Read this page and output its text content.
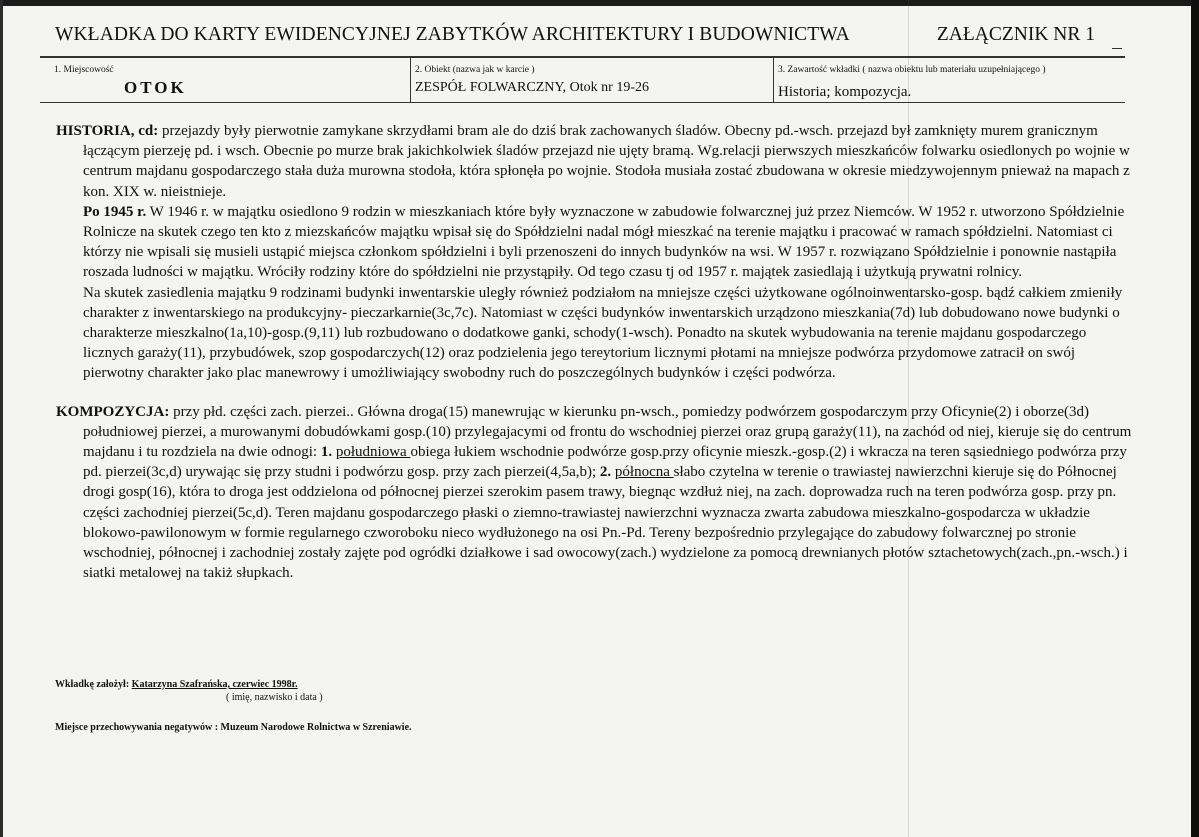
WKŁADKA DO KARTY EWIDENCYJNEJ ZABYTKÓW ARCHITEKTURY I BUDOWNICTWA	ZAŁĄCZNIK NR 1
1. Miejscowość
OTOK
2. Obiekt (nazwa jak w karcie )
ZESPÓŁ FOLWARCZNY, Otok nr 19-26
3. Zawartość wkładki ( nazwa obiektu lub materiału uzupełniającego )
Historia; kompozycja.

HISTORIA, cd: przejazdy były pierwotnie zamykane skrzydłami bram ale do dziś brak zachowanych śladów. Obecny pd.-wsch. przejazd był zamknięty murem granicznym łączącym pierzeję pd. i wsch. Obecnie po murze brak jakichkolwiek śladów przejazd nie ujęty bramą. Wg.relacji pierwszych mieszkańców folwarku osiedlonych po wojnie w centrum majdanu gospodarczego stała duża murowna stodoła, która spłonęła po wojnie. Stodoła musiała zostać zbudowana w okresie miedzywojennym pnieważ na mapach z kon. XIX w. nieistnieje.

Po 1945 r. W 1946 r. w majątku osiedlono 9 rodzin w mieszkaniach które były wyznaczone w zabudowie folwarcznej już przez Niemców. W 1952 r. utworzono Spółdzielnie Rolnicze na skutek czego ten kto z miezskańców majątku wpisał się do Spółdzielni nadal mógł mieszkać na terenie majątku i pracować w ramach spółdzielni. Natomiast ci którzy nie wpisali się musieli ustąpić miejsca członkom spółdzielni i byli przenoszeni do innych budynków na wsi. W 1957 r. rozwiązano Spółdzielnie i ponownie nastąpiła roszada ludności w majątku. Wróciły rodziny które do spółdzielni nie przystąpiły. Od tego czasu tj od 1957 r. majątek zasiedlają i użytkują prywatni rolnicy.

Na skutek zasiedlenia majątku 9 rodzinami budynki inwentarskie uległy również podziałom na mniejsze części użytkowane ogólnoinwentarsko-gosp. bądź całkiem zmieniły charakter z inwentarskiego na produkcyjny- pieczarkarnie(3c,7c). Natomiast w części budynków inwentarskich urządzono mieszkania(7d) lub dobudowano nowe budynki o charakterze mieszkalno(1a,10)-gosp.(9,11) lub rozbudowano o dodatkowe ganki, schody(1-wsch). Ponadto na skutek wybudowania na terenie majdanu gospodarczego licznych garaży(11), przybudówek, szop gospodarczych(12) oraz podzielenia jego tereytorium licznymi płotami na mniejsze podwórza przydomowe zatracił on swój pierwotny charakter jako plac manewrowy i umożliwiający swobodny ruch do poszczególnych budynków i części podwórza.

KOMPOZYCJA: przy płd. części zach. pierzei.. Główna droga(15) manewrując w kierunku pn-wsch., pomiedzy podwórzem gospodarczym przy Oficynie(2) i oborze(3d) południowej pierzei, a murowanymi dobudówkami gosp.(10) przylegajacymi od frontu do wschodniej pierzei oraz grupą garaży(11), na zachód od niej, kieruje się do centrum majdanu i tu rozdziela na dwie odnogi: 1. południowa obiega łukiem wschodnie podwórze gosp.przy oficynie mieszk.-gosp.(2) i wkracza na teren sąsiedniego podwórza przy pd. pierzei(3c,d) urywając się przy studni i podwórzu gosp. przy zach pierzei(4,5a,b); 2. północna słabo czytelna w terenie o trawiastej nawierzchni kieruje się do Północnej drogi gosp(16), która to droga jest oddzielona od północnej pierzei szerokim pasem trawy, biegnąc wzdłuż niej, na zach. doprowadza ruch na teren podwórza gosp. przy pn. części zachodniej pierzei(5c,d). Teren majdanu gospodarczego płaski o ziemno-trawiastej nawierzchni wyznacza zwarta zabudowa mieszkalno-gospodarcza w układzie blokowo-pawilonowym w formie regularnego czworoboku nieco wydłużonego na osi Pn.-Pd. Tereny bezpośrednio przylegające do zabudowy folwarcznej po stronie wschodniej, północnej i zachodniej zostały zajęte pod ogródki działkowe i sad owocowy(zach.) wydzielone za pomocą drewnianych płotów sztachetowych(zach.,pn.-wsch.) i siatki metalowej na takiż słupkach.

Wkładkę założył: Katarzyna Szafrańska, czerwiec 1998r.
( imię, nazwisko i data )
Miejsce przechowywania negatywów : Muzeum Narodowe Rolnictwa w Szreniawie.
